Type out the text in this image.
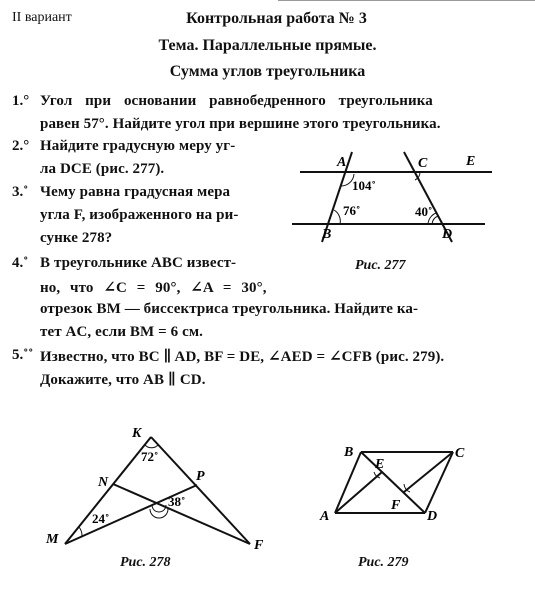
II вариант	Контрольная работа № 3
Тема. Параллельные прямые.
Сумма углов треугольника
1.° Угол при основании равнобедренного треугольника
равен 57°. Найдите угол при вершине этого треугольника.
2.° Найдите градусную меру уг-
ла DCE (рис. 277).
3.˚ Чему равна градусная мера
угла F, изображенного на ри-
сунке 278?
4.˚ В треугольнике ABC извест-
но, что ∠C = 90°, ∠A = 30°,
отрезок BM — биссектриса треугольника. Найдите ка-
тет AC, если BM = 6 см.
5.˚˚ Известно, что BC ∥ AD, BF = DE, ∠AED = ∠CFB (рис. 279).
Докажите, что AB ∥ CD.
A	C	E
B	D
104˚
76˚	40˚
Рис. 277
K
N	P
M	F
72˚
38˚
24˚
Рис. 278
B
E
C
A
F
D
Рис. 279
